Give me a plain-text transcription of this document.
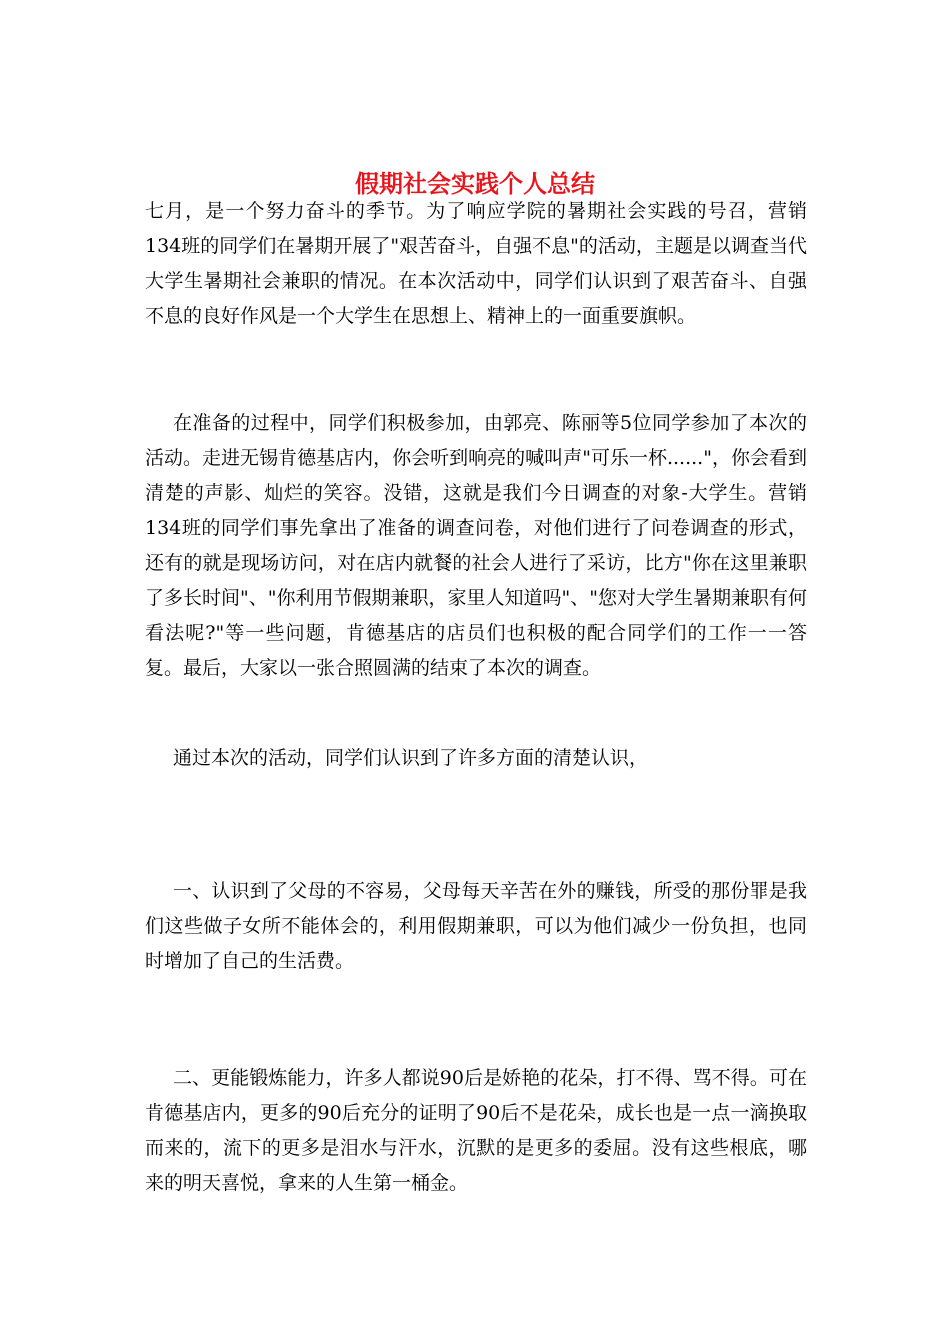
假期社会实践个人总结

七月，是一个努力奋斗的季节。为了响应学院的暑期社会实践的号召，营销134班的同学们在暑期开展了"艰苦奋斗，自强不息"的活动，主题是以调查当代大学生暑期社会兼职的情况。在本次活动中，同学们认识到了艰苦奋斗、自强不息的良好作风是一个大学生在思想上、精神上的一面重要旗帜。

在准备的过程中，同学们积极参加，由郭亮、陈丽等5位同学参加了本次的活动。走进无锡肯德基店内，你会听到响亮的喊叫声"可乐一杯......"，你会看到清楚的声影、灿烂的笑容。没错，这就是我们今日调查的对象-大学生。营销134班的同学们事先拿出了准备的调查问卷，对他们进行了问卷调查的形式，还有的就是现场访问，对在店内就餐的社会人进行了采访，比方"你在这里兼职了多长时间"、"你利用节假期兼职，家里人知道吗"、"您对大学生暑期兼职有何看法呢?"等一些问题，肯德基店的店员们也积极的配合同学们的工作一一答复。最后，大家以一张合照圆满的结束了本次的调查。

通过本次的活动，同学们认识到了许多方面的清楚认识，

一、认识到了父母的不容易，父母每天辛苦在外的赚钱，所受的那份罪是我们这些做子女所不能体会的，利用假期兼职，可以为他们减少一份负担，也同时增加了自己的生活费。

二、更能锻炼能力，许多人都说90后是娇艳的花朵，打不得、骂不得。可在肯德基店内，更多的90后充分的证明了90后不是花朵，成长也是一点一滴换取而来的，流下的更多是泪水与汗水，沉默的是更多的委屈。没有这些根底，哪来的明天喜悦，拿来的人生第一桶金。
